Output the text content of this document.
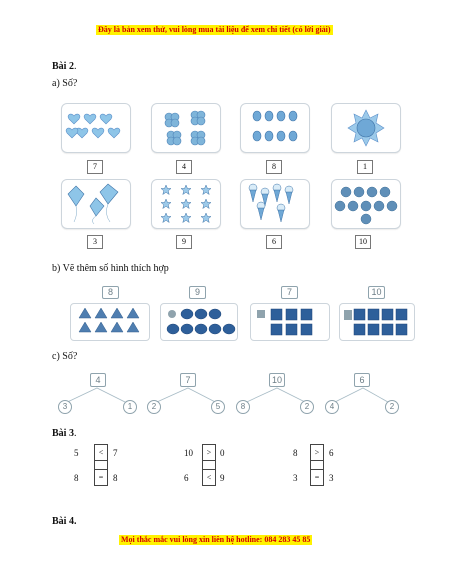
Đây là bản xem thử, vui lòng mua tài liệu để xem chi tiết (có lời giải)
Bài 2.
a) Số?
7	4	8	1
3	9	6	10
b) Vẽ thêm số hình thích hợp
8	9	7	10
c) Số?
4
3	1
7
2	5
10
8	2
6
4	2
Bài 3.
5	<	7	10	> 0	8	>	6
8	=	8	6	< 9	3	=	3
Bài 4.
Mọi thắc mắc vui lòng xin liên hệ hotline: 084 283 45 85
